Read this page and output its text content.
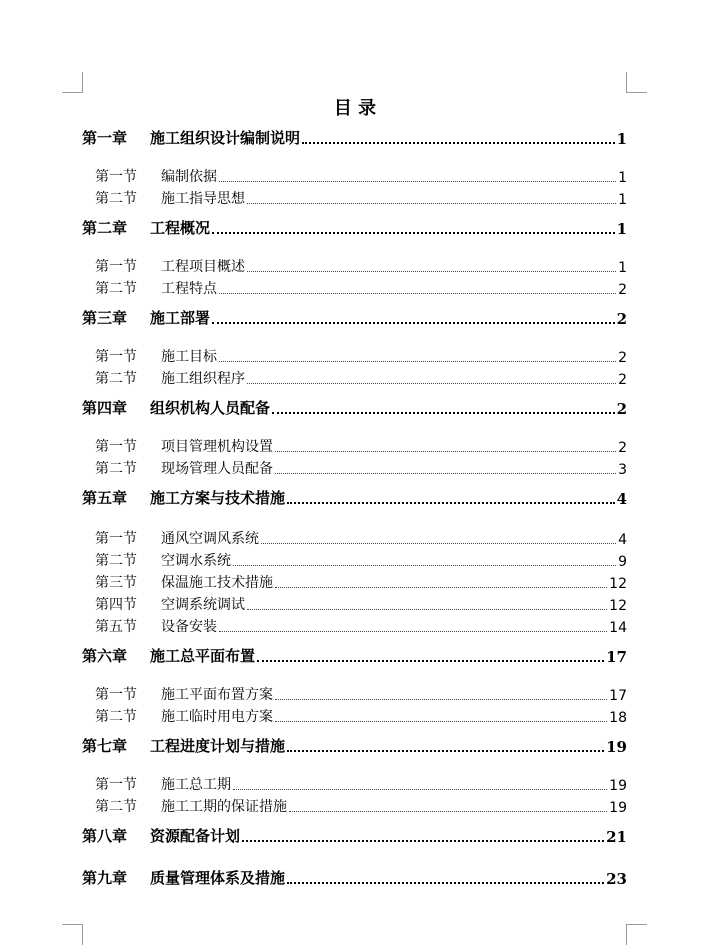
目 录
第一章	施工组织设计编制说明	1
第一节	编制依据	1
第二节	施工指导思想	1
第二章	工程概况	1
第一节	工程项目概述	1
第二节	工程特点	2
第三章	施工部署	2
第一节	施工目标	2
第二节	施工组织程序	2
第四章	组织机构人员配备	2
第一节	项目管理机构设置	2
第二节	现场管理人员配备	3
第五章	施工方案与技术措施	4
第一节	通风空调风系统	4
第二节	空调水系统	9
第三节	保温施工技术措施	12
第四节	空调系统调试	12
第五节	设备安装	14
第六章	施工总平面布置	17
第一节	施工平面布置方案	17
第二节	施工临时用电方案	18
第七章	工程进度计划与措施	19
第一节	施工总工期	19
第二节	施工工期的保证措施	19
第八章	资源配备计划	21
第九章	质量管理体系及措施	23
